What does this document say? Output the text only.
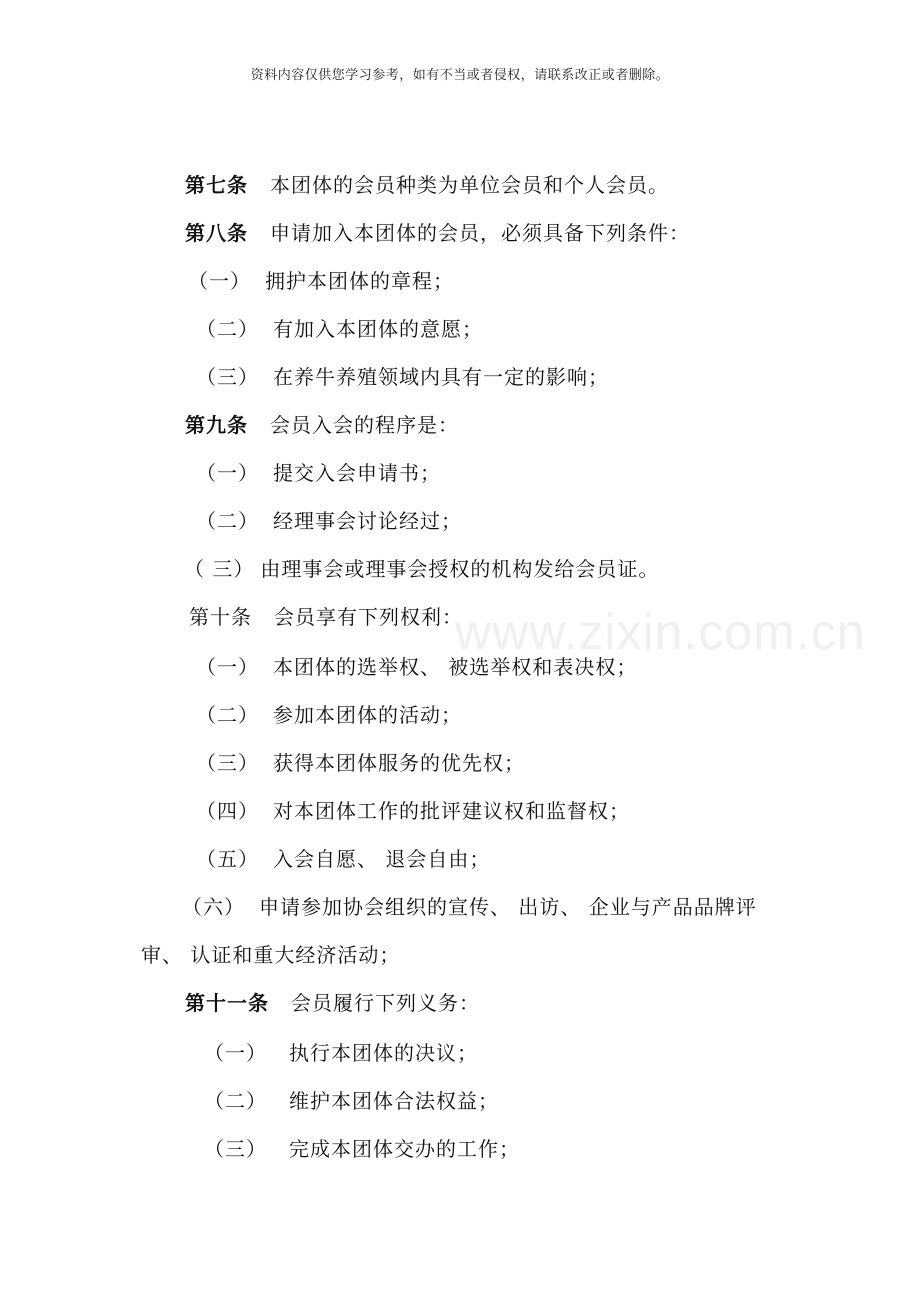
资料内容仅供您学习参考，如有不当或者侵权，请联系改正或者删除。
www.zixin.com.cn
第七条 本团体的会员种类为单位会员和个人会员。
第八条 申请加入本团体的会员，必须具备下列条件：
（一） 拥护本团体的章程；
（二） 有加入本团体的意愿；
（三） 在养牛养殖领域内具有一定的影响；
第九条 会员入会的程序是：
（一） 提交入会申请书；
（二） 经理事会讨论经过；
（ 三） 由理事会或理事会授权的机构发给会员证。
第十条 会员享有下列权利：
（一） 本团体的选举权、 被选举权和表决权；
（二） 参加本团体的活动；
（三） 获得本团体服务的优先权；
（四） 对本团体工作的批评建议权和监督权；
（五） 入会自愿、 退会自由；
（六） 申请参加协会组织的宣传、 出访、 企业与产品品牌评
审、 认证和重大经济活动；
第十一条 会员履行下列义务：
（一） 执行本团体的决议；
（二） 维护本团体合法权益；
（三） 完成本团体交办的工作；
